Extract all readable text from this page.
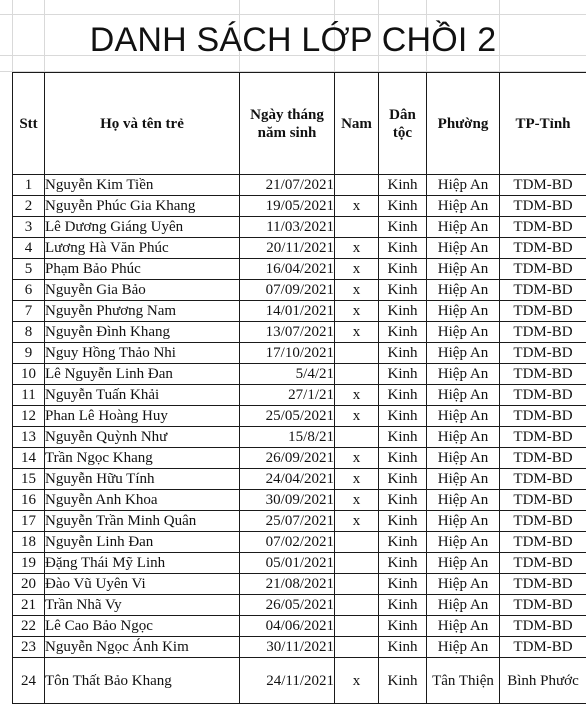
DANH SÁCH LỚP CHỒI 2
Stt	Họ và tên trẻ	Ngày tháng năm sinh	Nam	Dân tộc	Phường	TP-Tỉnh
1	Nguyễn Kim Tiền	21/07/2021		Kinh	Hiệp An	TDM-BD
2	Nguyễn Phúc Gia Khang	19/05/2021	x	Kinh	Hiệp An	TDM-BD
3	Lê Dương Giáng Uyên	11/03/2021		Kinh	Hiệp An	TDM-BD
4	Lương Hà Văn Phúc	20/11/2021	x	Kinh	Hiệp An	TDM-BD
5	Phạm Bảo Phúc	16/04/2021	x	Kinh	Hiệp An	TDM-BD
6	Nguyễn Gia Bảo	07/09/2021	x	Kinh	Hiệp An	TDM-BD
7	Nguyễn Phương Nam	14/01/2021	x	Kinh	Hiệp An	TDM-BD
8	Nguyễn Đình Khang	13/07/2021	x	Kinh	Hiệp An	TDM-BD
9	Nguy Hồng Thảo Nhi	17/10/2021		Kinh	Hiệp An	TDM-BD
10	Lê Nguyễn Linh Đan	5/4/21		Kinh	Hiệp An	TDM-BD
11	Nguyễn Tuấn Khải	27/1/21	x	Kinh	Hiệp An	TDM-BD
12	Phan Lê Hoàng Huy	25/05/2021	x	Kinh	Hiệp An	TDM-BD
13	Nguyễn Quỳnh Như	15/8/21		Kinh	Hiệp An	TDM-BD
14	Trần Ngọc Khang	26/09/2021	x	Kinh	Hiệp An	TDM-BD
15	Nguyễn Hữu Tính	24/04/2021	x	Kinh	Hiệp An	TDM-BD
16	Nguyễn Anh Khoa	30/09/2021	x	Kinh	Hiệp An	TDM-BD
17	Nguyễn Trần Minh Quân	25/07/2021	x	Kinh	Hiệp An	TDM-BD
18	Nguyễn Linh Đan	07/02/2021		Kinh	Hiệp An	TDM-BD
19	Đặng Thái Mỹ Linh	05/01/2021		Kinh	Hiệp An	TDM-BD
20	Đào Vũ Uyên Vi	21/08/2021		Kinh	Hiệp An	TDM-BD
21	Trần Nhã Vy	26/05/2021		Kinh	Hiệp An	TDM-BD
22	Lê Cao Bảo Ngọc	04/06/2021		Kinh	Hiệp An	TDM-BD
23	Nguyễn Ngọc Ánh Kim	30/11/2021		Kinh	Hiệp An	TDM-BD
24	Tôn Thất Bảo Khang	24/11/2021	x	Kinh	Tân Thiện	Bình Phước
